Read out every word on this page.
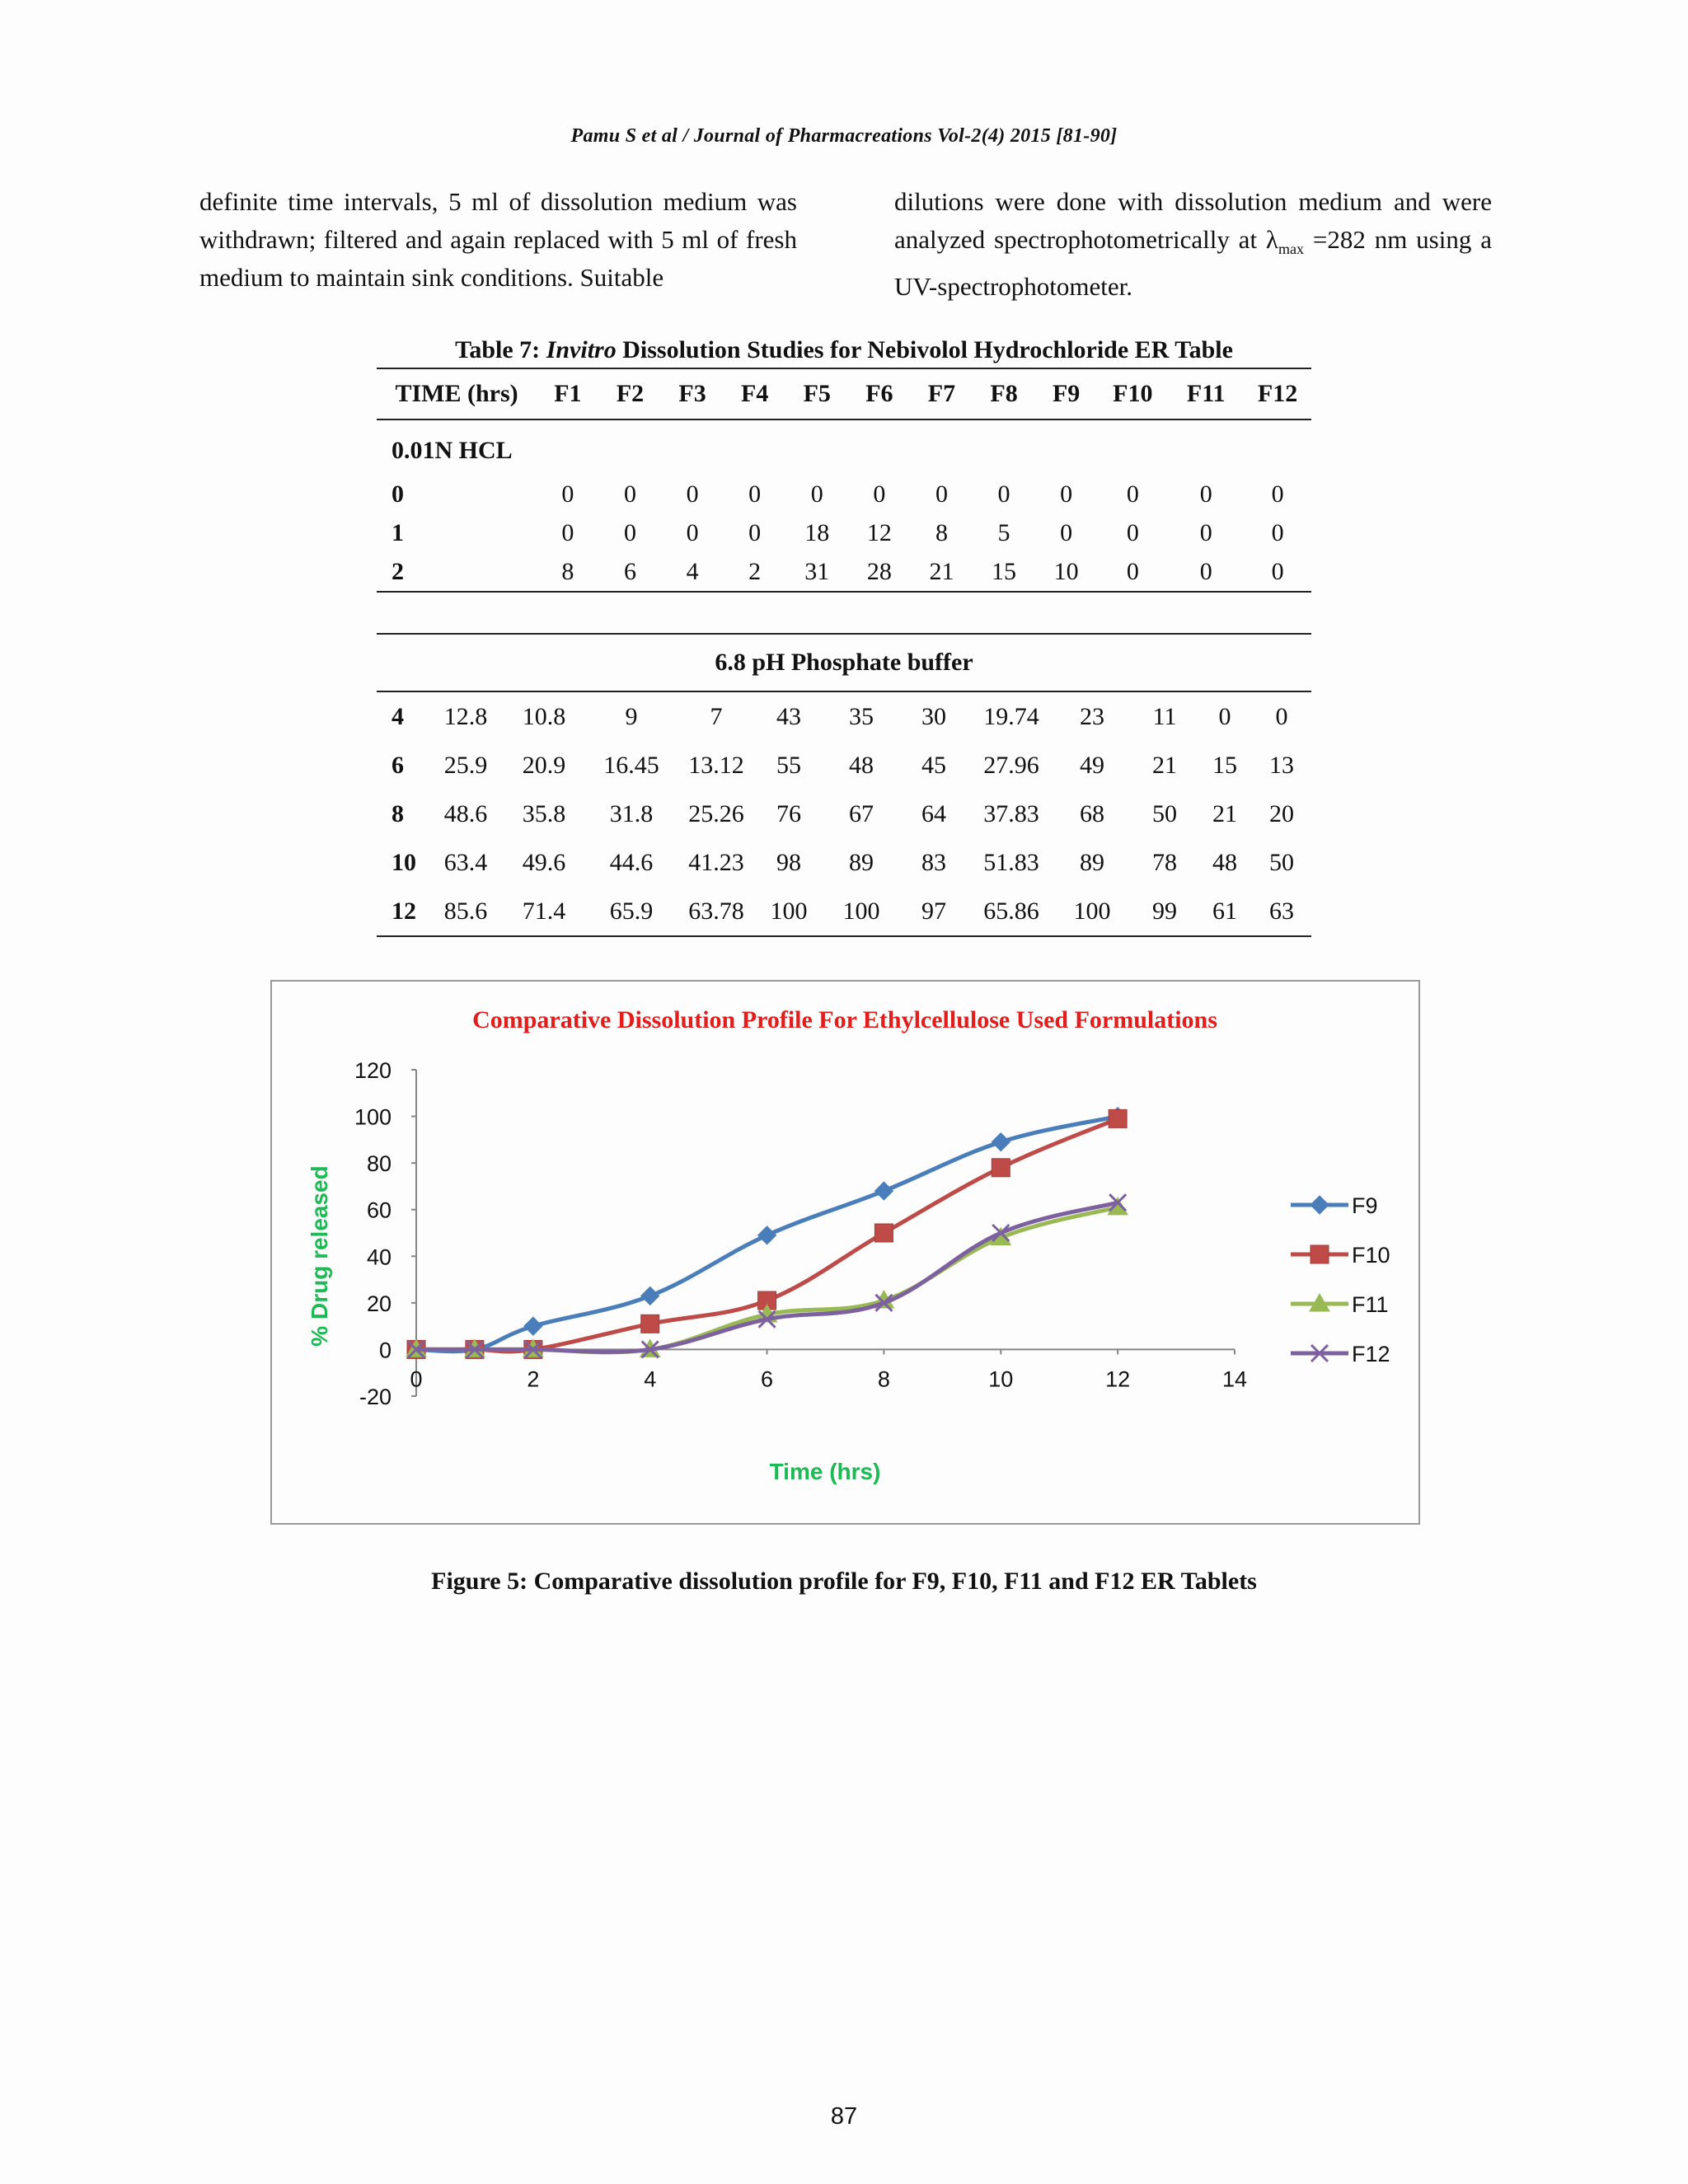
Pamu S et al / Journal of Pharmacreations Vol-2(4) 2015 [81-90]

definite time intervals, 5 ml of dissolution medium was withdrawn; filtered and again replaced with 5 ml of fresh medium to maintain sink conditions. Suitable

dilutions were done with dissolution medium and were analyzed spectrophotometrically at $\lambda_{max} =282$ nm using a UV-spectrophotometer.

Table 7: Invitro Dissolution Studies for Nebivolol Hydrochloride ER Table
TIME (hrs)	F1	F2	F3	F4	F5	F6	F7	F8	F9	F10	F11	F12
0.01N HCL												
0	0	0	0	0	0	0	0	0	0	0	0	0
1	0	0	0	0	18	12	8	5	0	0	0	0
2	8	6	4	2	31	28	21	15	10	0	0	0
6.8 pH Phosphate buffer												
4	12.8	10.8	9	7	43	35	30	19.74	23	11	0	0
6	25.9	20.9	16.45	13.12	55	48	45	27.96	49	21	15	13
8	48.6	35.8	31.8	25.26	76	67	64	37.83	68	50	21	20
10	63.4	49.6	44.6	41.23	98	89	83	51.83	89	78	48	50
12	85.6	71.4	65.9	63.78	100	100	97	65.86	100	99	61	63
Comparative Dissolution Profile For Ethylcellulose Used Formulations
-20
0
20
40
60
80
100
120
0	2	4	6	8	10	12	14
F9
F10
F11
F12
Time (hrs)
% Drug released
Figure 5: Comparative dissolution profile for F9, F10, F11 and F12 ER Tablets
87
